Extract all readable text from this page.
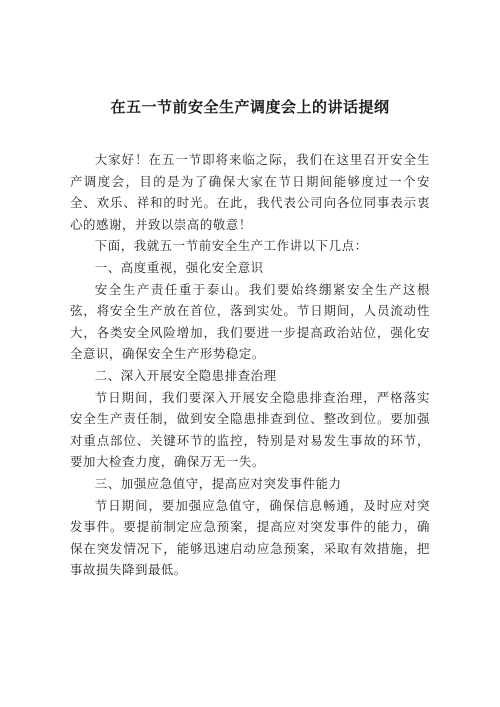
在五一节前安全生产调度会上的讲话提纲

大家好！在五一节即将来临之际，我们在这里召开安全生产调度会，目的是为了确保大家在节日期间能够度过一个安全、欢乐、祥和的时光。在此，我代表公司向各位同事表示衷心的感谢，并致以崇高的敬意！

下面，我就五一节前安全生产工作讲以下几点：

一、高度重视，强化安全意识

安全生产责任重于泰山。我们要始终绷紧安全生产这根弦，将安全生产放在首位，落到实处。节日期间，人员流动性大，各类安全风险增加，我们要进一步提高政治站位，强化安全意识，确保安全生产形势稳定。

二、深入开展安全隐患排查治理

节日期间，我们要深入开展安全隐患排查治理，严格落实安全生产责任制，做到安全隐患排查到位、整改到位。要加强对重点部位、关键环节的监控，特别是对易发生事故的环节，要加大检查力度，确保万无一失。

三、加强应急值守，提高应对突发事件能力

节日期间，要加强应急值守，确保信息畅通，及时应对突发事件。要提前制定应急预案，提高应对突发事件的能力，确保在突发情况下，能够迅速启动应急预案，采取有效措施，把事故损失降到最低。
